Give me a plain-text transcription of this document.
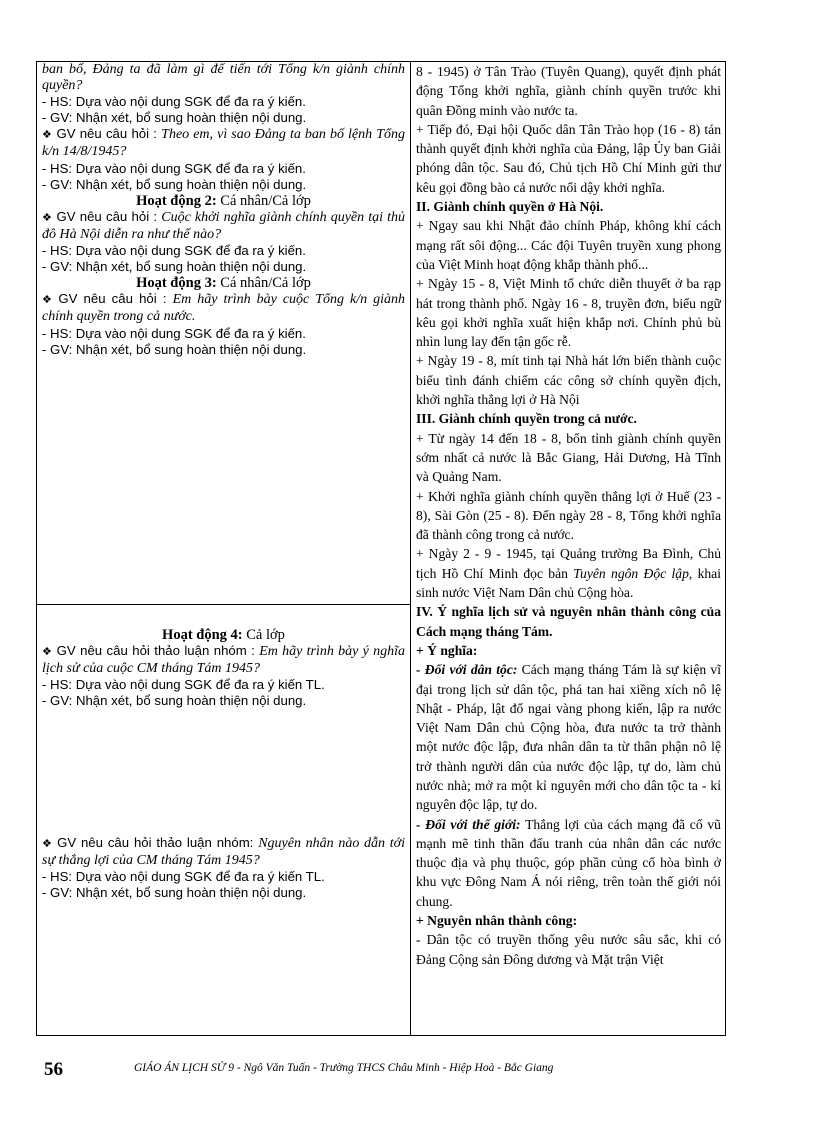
ban bố, Đảng ta đã làm gì để tiến tới Tổng k/n giành chính quyền?

- HS: Dựa vào nội dung SGK để đa ra ý kiến.

- GV: Nhận xét, bổ sung hoàn thiện nội dung.

❖ GV nêu câu hỏi : Theo em, vì sao Đảng ta ban bố lệnh Tổng k/n 14/8/1945?

- HS: Dựa vào nội dung SGK để đa ra ý kiến.

- GV: Nhận xét, bổ sung hoàn thiện nội dung.

Hoạt động 2: Cá nhân/Cả lớp

❖ GV nêu câu hỏi : Cuộc khởi nghĩa giành chính quyền tại thủ đô Hà Nội diễn ra như thế nào?

- HS: Dựa vào nội dung SGK để đa ra ý kiến.

- GV: Nhận xét, bổ sung hoàn thiện nội dung.

Hoạt động 3: Cá nhân/Cả lớp

❖ GV nêu câu hỏi : Em hãy trình bày cuộc Tổng k/n giành chính quyền trong cả nước.

- HS: Dựa vào nội dung SGK để đa ra ý kiến.

- GV: Nhận xét, bổ sung hoàn thiện nội dung.

Hoạt động 4: Cả lớp

❖ GV nêu câu hỏi thảo luận nhóm : Em hãy trình bày ý nghĩa lịch sử của cuộc CM tháng Tám 1945?

- HS: Dựa vào nội dung SGK để đa ra ý kiến TL.

- GV: Nhận xét, bổ sung hoàn thiện nội dung.

❖ GV nêu câu hỏi thảo luận nhóm: Nguyên nhân nào dẫn tới sự thắng lợi của CM tháng Tám 1945?

- HS: Dựa vào nội dung SGK để đa ra ý kiến TL.

- GV: Nhận xét, bổ sung hoàn thiện nội dung.

8 - 1945) ở Tân Trào (Tuyên Quang), quyết định phát động Tổng khởi nghĩa, giành chính quyền trước khi quân Đồng minh vào nước ta.

+ Tiếp đó, Đại hội Quốc dân Tân Trào họp (16 - 8) tán thành quyết định khởi nghĩa của Đảng, lập Ủy ban Giải phóng dân tộc. Sau đó, Chủ tịch Hồ Chí Minh gửi thư kêu gọi đồng bào cả nước nổi dậy khởi nghĩa.

II. Giành chính quyền ở Hà Nội.

+ Ngay sau khi Nhật đảo chính Pháp, không khí cách mạng rất sôi động... Các đội Tuyên truyền xung phong của Việt Minh hoạt động khắp thành phố...

+ Ngày 15 - 8, Việt Minh tổ chức diễn thuyết ở ba rạp hát trong thành phố. Ngày 16 - 8, truyền đơn, biểu ngữ kêu gọi khởi nghĩa xuất hiện khắp nơi. Chính phủ bù nhìn lung lay đến tận gốc rễ.

+ Ngày 19 - 8, mít tinh tại Nhà hát lớn biến thành cuộc biểu tình đánh chiếm các công sở chính quyền địch, khởi nghĩa thắng lợi ở Hà Nội

III. Giành chính quyền trong cả nước.

+ Từ ngày 14 đến 18 - 8, bốn tỉnh giành chính quyền sớm nhất cả nước là Bắc Giang, Hải Dương, Hà Tĩnh và Quảng Nam.

+ Khởi nghĩa giành chính quyền thắng lợi ở Huế (23 - 8), Sài Gòn (25 - 8). Đến ngày 28 - 8, Tổng khởi nghĩa đã thành công trong cả nước.

+ Ngày 2 - 9 - 1945, tại Quảng trường Ba Đình, Chủ tịch Hồ Chí Minh đọc bản Tuyên ngôn Độc lập, khai sinh nước Việt Nam Dân chủ Cộng hòa.

IV. Ý nghĩa lịch sử và nguyên nhân thành công của Cách mạng tháng Tám.

+ Ý nghĩa:

- Đối với dân tộc: Cách mạng tháng Tám là sự kiện vĩ đại trong lịch sử dân tộc, phá tan hai xiềng xích nô lệ Nhật - Pháp, lật đổ ngai vàng phong kiến, lập ra nước Việt Nam Dân chủ Cộng hòa, đưa nước ta trở thành một nước độc lập, đưa nhân dân ta từ thân phận nô lệ trở thành người dân của nước độc lập, tự do, làm chủ nước nhà; mở ra một kỉ nguyên mới cho dân tộc ta - kỉ nguyên độc lập, tự do.

- Đối với thế giới: Thắng lợi của cách mạng đã cổ vũ mạnh mẽ tinh thần đấu tranh của nhân dân các nước thuộc địa và phụ thuộc, góp phần củng cố hòa bình ở khu vực Đông Nam Á nói riêng, trên toàn thế giới nói chung.

+ Nguyên nhân thành công:

- Dân tộc có truyền thống yêu nước sâu sắc, khi có Đảng Cộng sản Đông dương và Mặt trận Việt

56	GIÁO ÁN LỊCH SỬ 9 - Ngô Văn Tuấn - Trường THCS Châu Minh - Hiệp Hoà - Bắc Giang
